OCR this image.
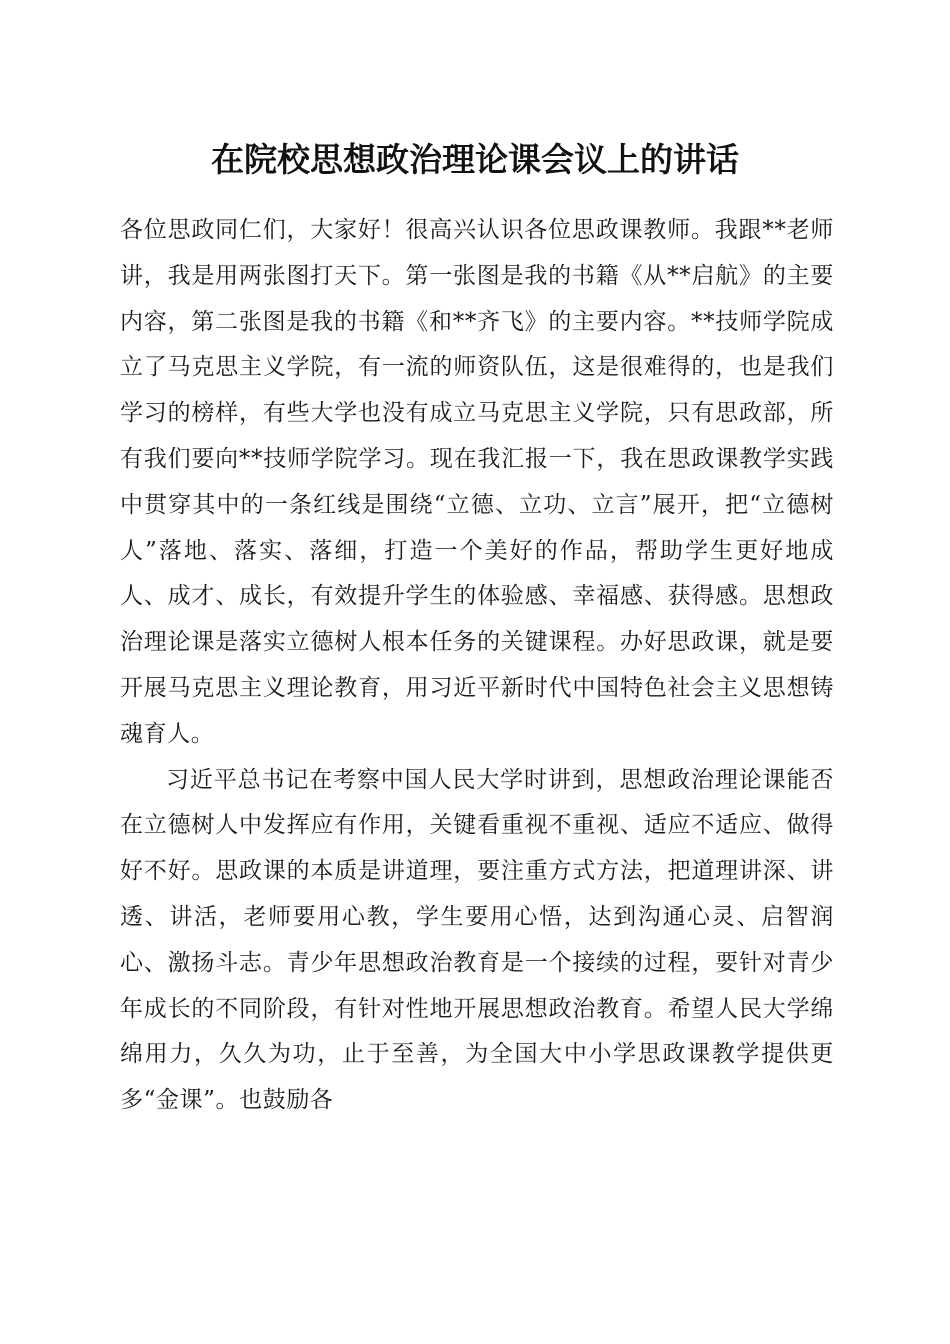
在院校思想政治理论课会议上的讲话

各位思政同仁们，大家好！很高兴认识各位思政课教师。我跟**老师讲，我是用两张图打天下。第一张图是我的书籍《从**启航》的主要内容，第二张图是我的书籍《和**齐飞》的主要内容。**技师学院成立了马克思主义学院，有一流的师资队伍，这是很难得的，也是我们学习的榜样，有些大学也没有成立马克思主义学院，只有思政部，所有我们要向**技师学院学习。现在我汇报一下，我在思政课教学实践中贯穿其中的一条红线是围绕“立德、立功、立言”展开，把“立德树人”落地、落实、落细，打造一个美好的作品，帮助学生更好地成人、成才、成长，有效提升学生的体验感、幸福感、获得感。思想政治理论课是落实立德树人根本任务的关键课程。办好思政课，就是要开展马克思主义理论教育，用习近平新时代中国特色社会主义思想铸魂育人。

习近平总书记在考察中国人民大学时讲到，思想政治理论课能否在立德树人中发挥应有作用，关键看重视不重视、适应不适应、做得好不好。思政课的本质是讲道理，要注重方式方法，把道理讲深、讲透、讲活，老师要用心教，学生要用心悟，达到沟通心灵、启智润心、激扬斗志。青少年思想政治教育是一个接续的过程，要针对青少年成长的不同阶段，有针对性地开展思想政治教育。希望人民大学绵绵用力，久久为功，止于至善，为全国大中小学思政课教学提供更多“金课”。也鼓励各
